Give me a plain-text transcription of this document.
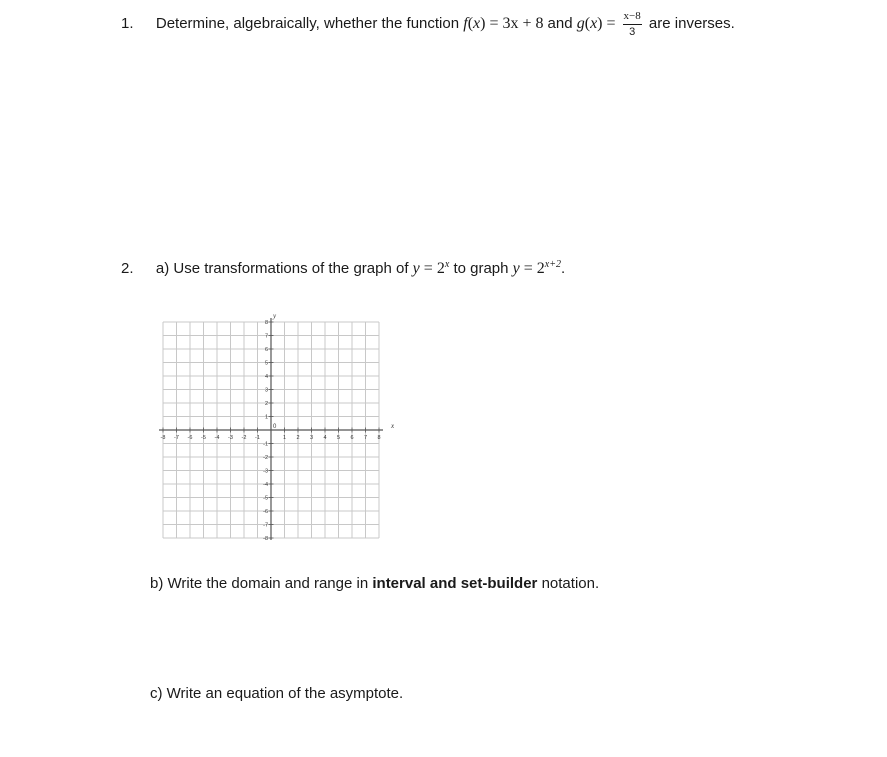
1. Determine, algebraically, whether the function f(x) = 3x + 8 and $g(x) = \frac{x-8}{3}$ are inverses.
2. a) Use transformations of the graph of $y = 2^x$ to graph $y = 2^{x+2}$.
x
y
0
-8 -7 -6 -5 -4 -3 -2 -1	1 2 3 4 5 6 7 8
8
7
6
5
4
3
2
1
-1
-2
-3
-4
-5
-6
-7
-8
b) Write the domain and range in interval and set-builder notation.
c) Write an equation of the asymptote.
